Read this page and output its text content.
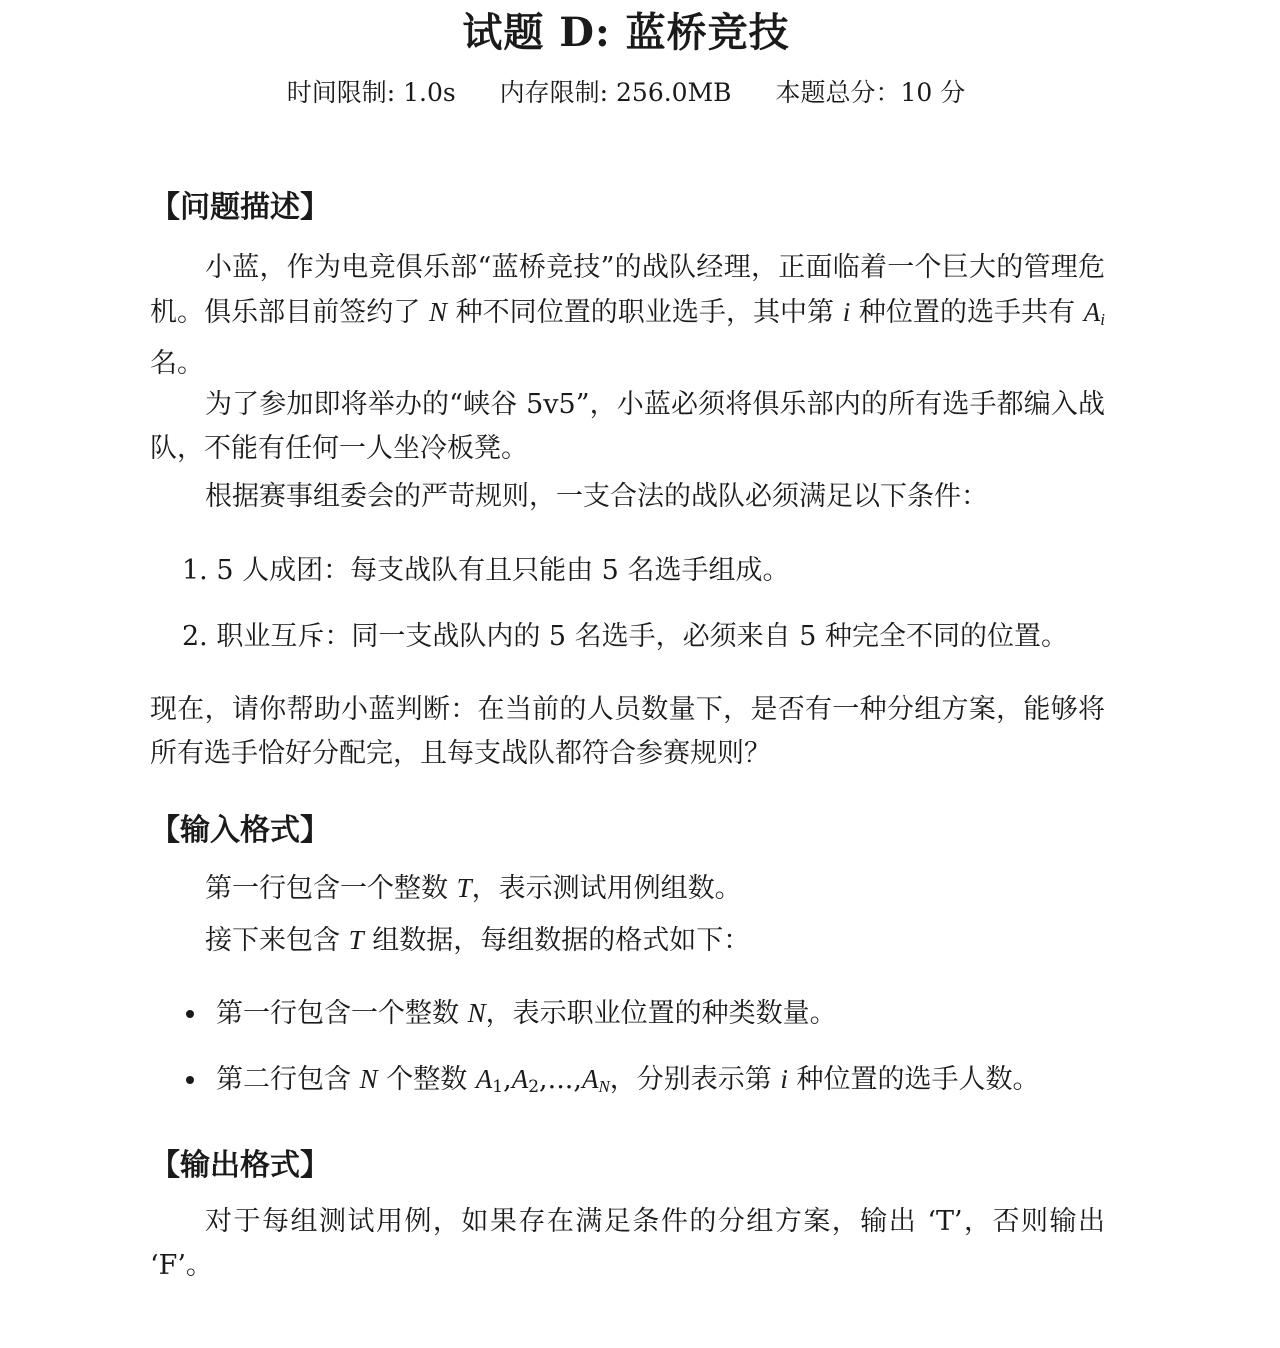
试题 D: 蓝桥竞技
时间限制: 1.0s 内存限制: 256.0MB 本题总分：10 分
【问题描述】
小蓝，作为电竞俱乐部“蓝桥竞技”的战队经理，正面临着一个巨大的管理危机。俱乐部目前签约了 N 种不同位置的职业选手，其中第 i 种位置的选手共有 $A_i$ 名。
为了参加即将举办的“峡谷 5v5”，小蓝必须将俱乐部内的所有选手都编入战队，不能有任何一人坐冷板凳。
根据赛事组委会的严苛规则，一支合法的战队必须满足以下条件：
1. 5 人成团：每支战队有且只能由 5 名选手组成。
2. 职业互斥：同一支战队内的 5 名选手，必须来自 5 种完全不同的位置。
现在，请你帮助小蓝判断：在当前的人员数量下，是否有一种分组方案，能够将所有选手恰好分配完，且每支战队都符合参赛规则？
【输入格式】
第一行包含一个整数 T，表示测试用例组数。
接下来包含 T 组数据，每组数据的格式如下：
第一行包含一个整数 N，表示职业位置的种类数量。
第二行包含 N 个整数 $A_1,A_2,...,A_N$，分别表示第 i 种位置的选手人数。
【输出格式】
对于每组测试用例，如果存在满足条件的分组方案，输出 ‘T’，否则输出 ‘F’。
